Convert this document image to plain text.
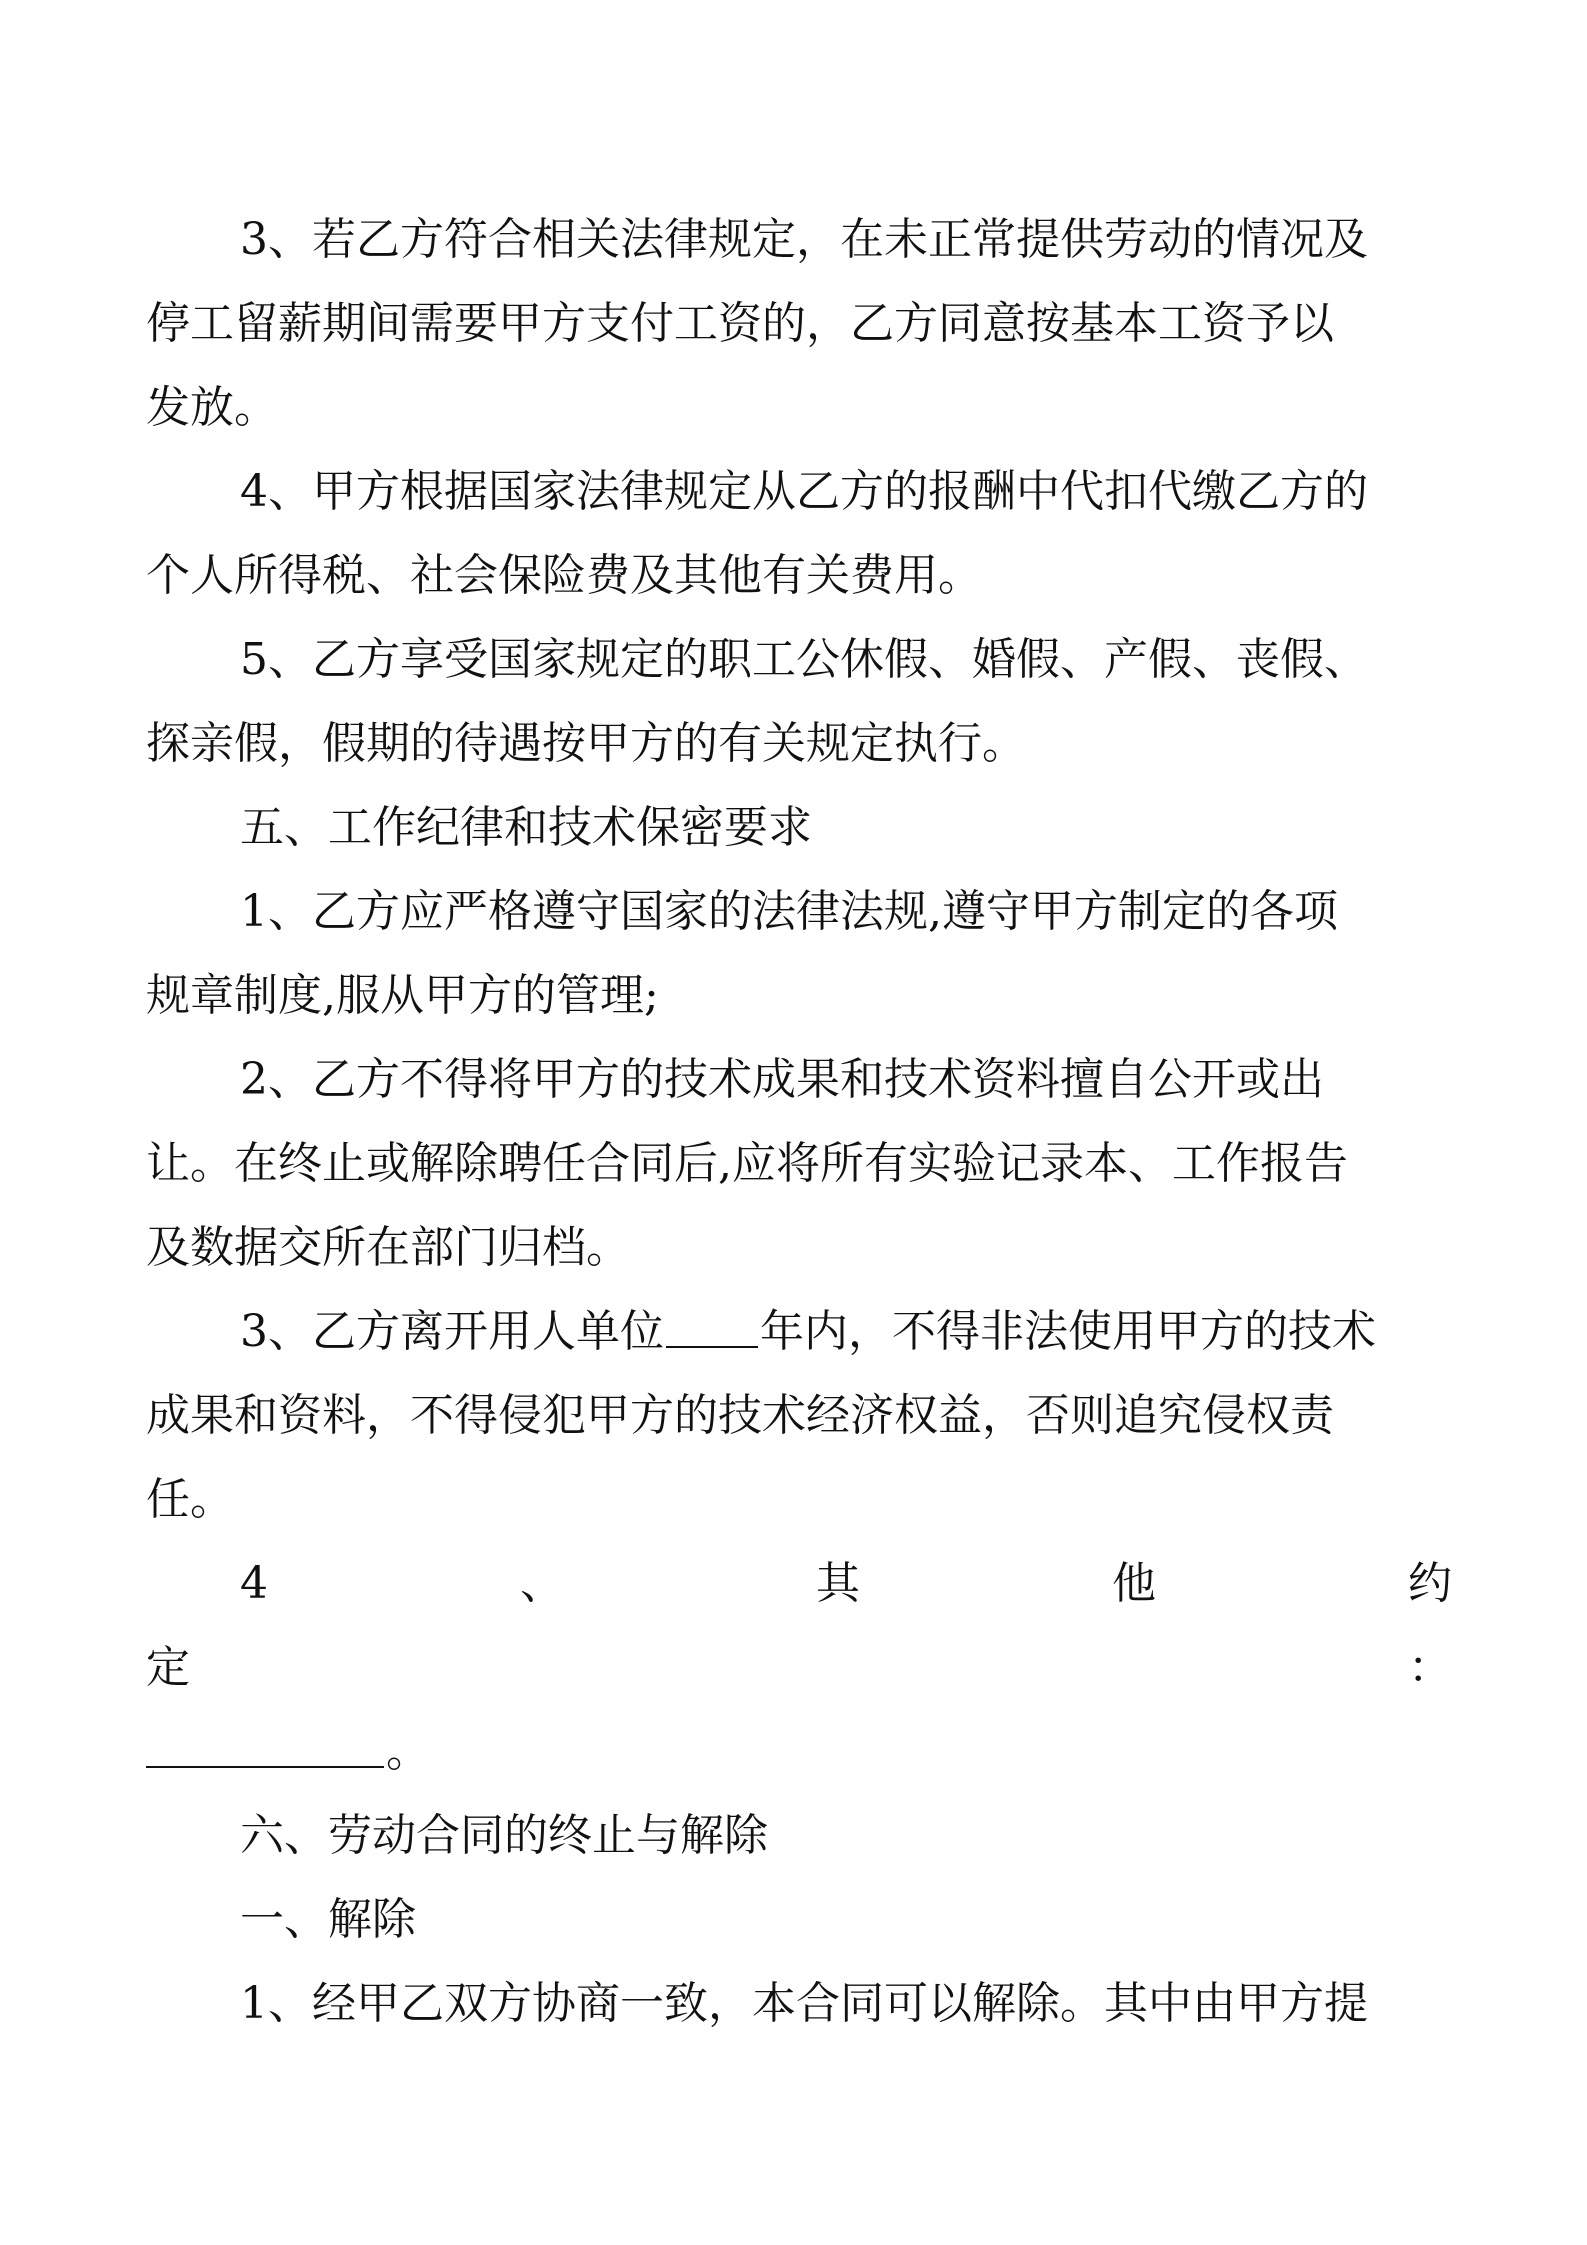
3、若乙方符合相关法律规定，在未正常提供劳动的情况及
停工留薪期间需要甲方支付工资的，乙方同意按基本工资予以
发放。
4、甲方根据国家法律规定从乙方的报酬中代扣代缴乙方的
个人所得税、社会保险费及其他有关费用。
5、乙方享受国家规定的职工公休假、婚假、产假、丧假、
探亲假，假期的待遇按甲方的有关规定执行。
五、工作纪律和技术保密要求
1、乙方应严格遵守国家的法律法规,遵守甲方制定的各项
规章制度,服从甲方的管理;
2、乙方不得将甲方的技术成果和技术资料擅自公开或出
让。在终止或解除聘任合同后,应将所有实验记录本、工作报告
及数据交所在部门归档。
3、乙方离开用人单位 年内，不得非法使用甲方的技术
成果和资料，不得侵犯甲方的技术经济权益，否则追究侵权责
任。
4	、	其	他	约
定	：
。
六、劳动合同的终止与解除
一、解除
1、经甲乙双方协商一致，本合同可以解除。其中由甲方提
